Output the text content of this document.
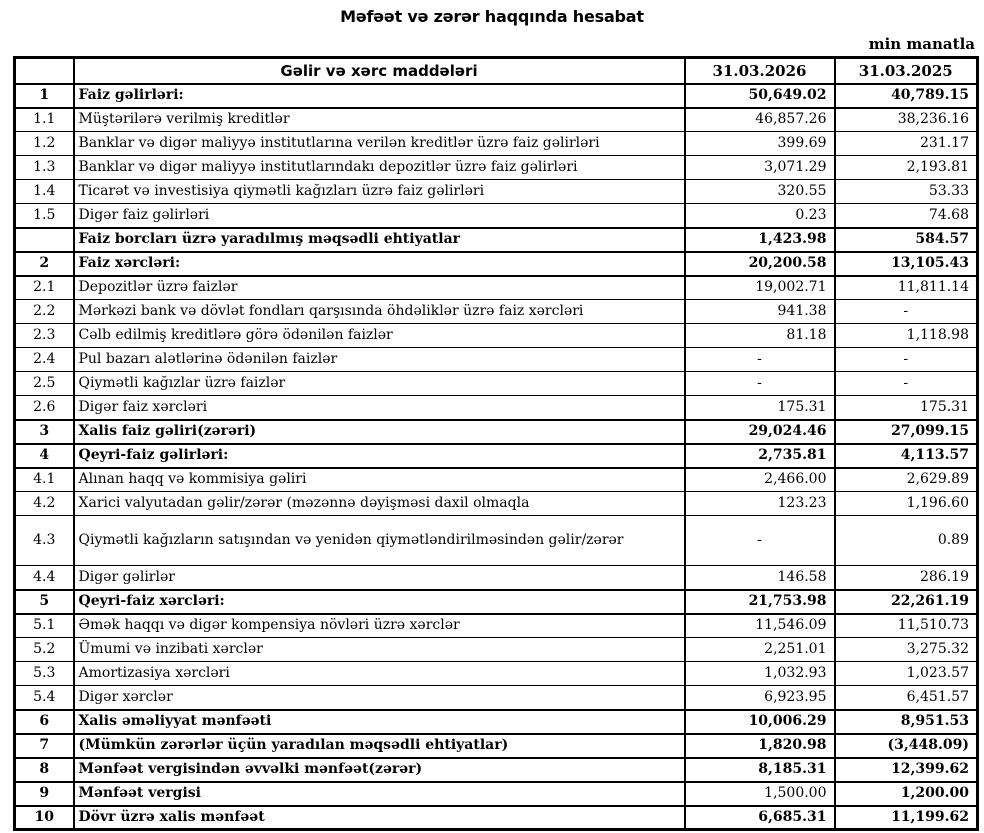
Məfəət və zərər haqqında hesabat
min manatla
	Gəlir və xərc maddələri	31.03.2026	31.03.2025
1	Faiz gəlirləri:	50,649.02	40,789.15
1.1	Müştərilərə verilmiş kreditlər	46,857.26	38,236.16
1.2	Banklar və digər maliyyə institutlarına verilən kreditlər üzrə faiz gəlirləri	399.69	231.17
1.3	Banklar və digər maliyyə institutlarındakı depozitlər üzrə faiz gəlirləri	3,071.29	2,193.81
1.4	Ticarət və investisiya qiymətli kağızları üzrə faiz gəlirləri	320.55	53.33
1.5	Digər faiz gəlirləri	0.23	74.68
	Faiz borcları üzrə yaradılmış məqsədli ehtiyatlar	1,423.98	584.57
2	Faiz xərcləri:	20,200.58	13,105.43
2.1	Depozitlər üzrə faizlər	19,002.71	11,811.14
2.2	Mərkəzi bank və dövlət fondları qarşısında öhdəliklər üzrə faiz xərcləri	941.38	-
2.3	Cəlb edilmiş kreditlərə görə ödənilən faizlər	81.18	1,118.98
2.4	Pul bazarı alətlərinə ödənilən faizlər	-	-
2.5	Qiymətli kağızlar üzrə faizlər	-	-
2.6	Digər faiz xərcləri	175.31	175.31
3	Xalis faiz gəliri(zərəri)	29,024.46	27,099.15
4	Qeyri-faiz gəlirləri:	2,735.81	4,113.57
4.1	Alınan haqq və kommisiya gəliri	2,466.00	2,629.89
4.2	Xarici valyutadan gəlir/zərər (məzənnə dəyişməsi daxil olmaqla	123.23	1,196.60
4.3	Qiymətli kağızların satışından və yenidən qiymətləndirilməsindən gəlir/zərər	-	0.89
4.4	Digər gəlirlər	146.58	286.19
5	Qeyri-faiz xərcləri:	21,753.98	22,261.19
5.1	Əmək haqqı və digər kompensiya növləri üzrə xərclər	11,546.09	11,510.73
5.2	Ümumi və inzibati xərclər	2,251.01	3,275.32
5.3	Amortizasiya xərcləri	1,032.93	1,023.57
5.4	Digər xərclər	6,923.95	6,451.57
6	Xalis əməliyyat mənfəəti	10,006.29	8,951.53
7	(Mümkün zərərlər üçün yaradılan məqsədli ehtiyatlar)	1,820.98	(3,448.09)
8	Mənfəət vergisindən əvvəlki mənfəət(zərər)	8,185.31	12,399.62
9	Mənfəət vergisi	1,500.00	1,200.00
10	Dövr üzrə xalis mənfəət	6,685.31	11,199.62
